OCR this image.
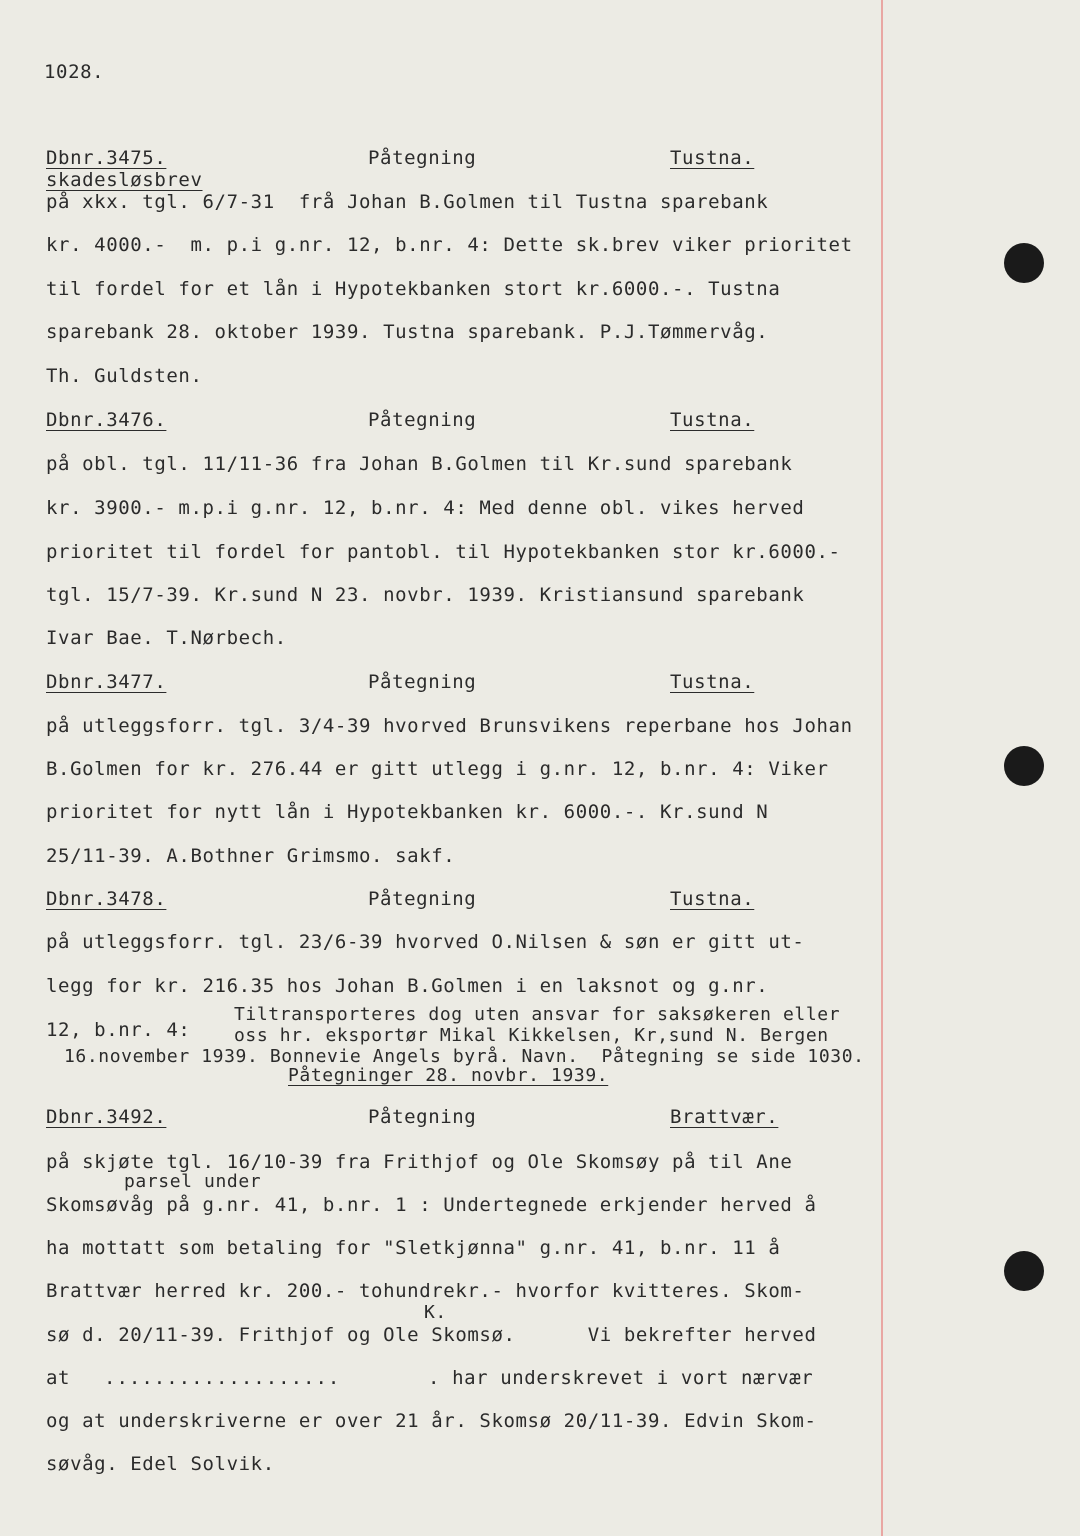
1028.
Dbnr.3475.	Påtegning	Tustna.
skadesløsbrev
på xkx. tgl. 6/7-31  frå Johan B.Golmen til Tustna sparebank
kr. 4000.-  m. p.i g.nr. 12, b.nr. 4: Dette sk.brev viker prioritet
til fordel for et lån i Hypotekbanken stort kr.6000.-. Tustna
sparebank 28. oktober 1939. Tustna sparebank. P.J.Tømmervåg.
Th. Guldsten.
Dbnr.3476.	Påtegning	Tustna.
på obl. tgl. 11/11-36 fra Johan B.Golmen til Kr.sund sparebank
kr. 3900.- m.p.i g.nr. 12, b.nr. 4: Med denne obl. vikes herved
prioritet til fordel for pantobl. til Hypotekbanken stor kr.6000.-
tgl. 15/7-39. Kr.sund N 23. novbr. 1939. Kristiansund sparebank
Ivar Bae. T.Nørbech.
Dbnr.3477.	Påtegning	Tustna.
på utleggsforr. tgl. 3/4-39 hvorved Brunsvikens reperbane hos Johan
B.Golmen for kr. 276.44 er gitt utlegg i g.nr. 12, b.nr. 4: Viker
prioritet for nytt lån i Hypotekbanken kr. 6000.-. Kr.sund N
25/11-39. A.Bothner Grimsmo. sakf.
Dbnr.3478.	Påtegning	Tustna.
på utleggsforr. tgl. 23/6-39 hvorved O.Nilsen & søn er gitt ut-
legg for kr. 216.35 hos Johan B.Golmen i en laksnot og g.nr.
Tiltransporteres dog uten ansvar for saksøkeren eller
12, b.nr. 4: oss hr. eksportør Mikal Kikkelsen, Kr,sund N. Bergen
16.november 1939. Bonnevie Angels byrå. Navn.  Påtegning se side 1030.
Påtegninger 28. novbr. 1939.
Dbnr.3492.	Påtegning	Brattvær.
på skjøte tgl. 16/10-39 fra Frithjof og Ole Skomsøy på til Ane
parsel under
Skomsøvåg på g.nr. 41, b.nr. 1 : Undertegnede erkjender herved å
ha mottatt som betaling for "Sletkjønna" g.nr. 41, b.nr. 11 å
Brattvær herred kr. 200.- tohundrekr.- hvorfor kvitteres. Skom-
K.
sø d. 20/11-39. Frithjof og Ole Skomsø.      Vi bekrefter herved
at ...................	. har underskrevet i vort nærvær
og at underskriverne er over 21 år. Skomsø 20/11-39. Edvin Skom-
søvåg. Edel Solvik.
